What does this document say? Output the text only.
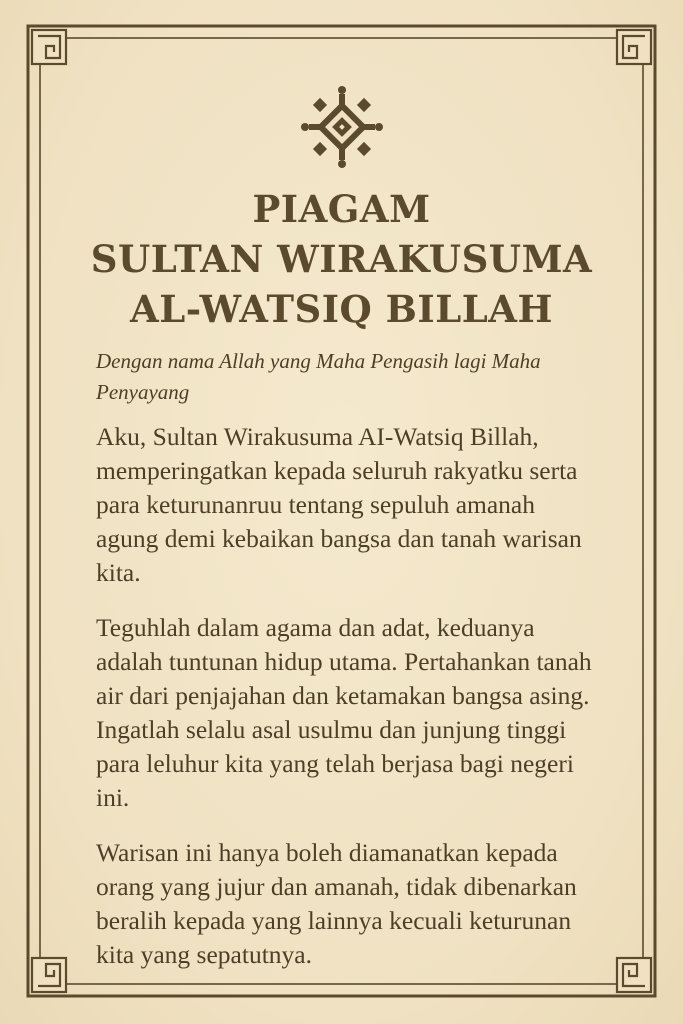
PIAGAM
SULTAN WIRAKUSUMA
AL-WATSIQ BILLAH

Dengan nama Allah yang Maha Pengasih lagi Maha Penyayang

Aku, Sultan Wirakusuma AI-Watsiq Billah, memperingatkan kepada seluruh rakyatku serta para keturunanruu tentang sepuluh amanah agung demi kebaikan bangsa dan tanah warisan kita.

Teguhlah dalam agama dan adat, keduanya adalah tuntunan hidup utama. Pertahankan tanah air dari penjajahan dan ketamakan bangsa asing. Ingatlah selalu asal usulmu dan junjung tinggi para leluhur kita yang telah berjasa bagi negeri ini.

Warisan ini hanya boleh diamanatkan kepada orang yang jujur dan amanah, tidak dibenarkan beralih kepada yang lainnya kecuali keturunan kita yang sepatutnya.
